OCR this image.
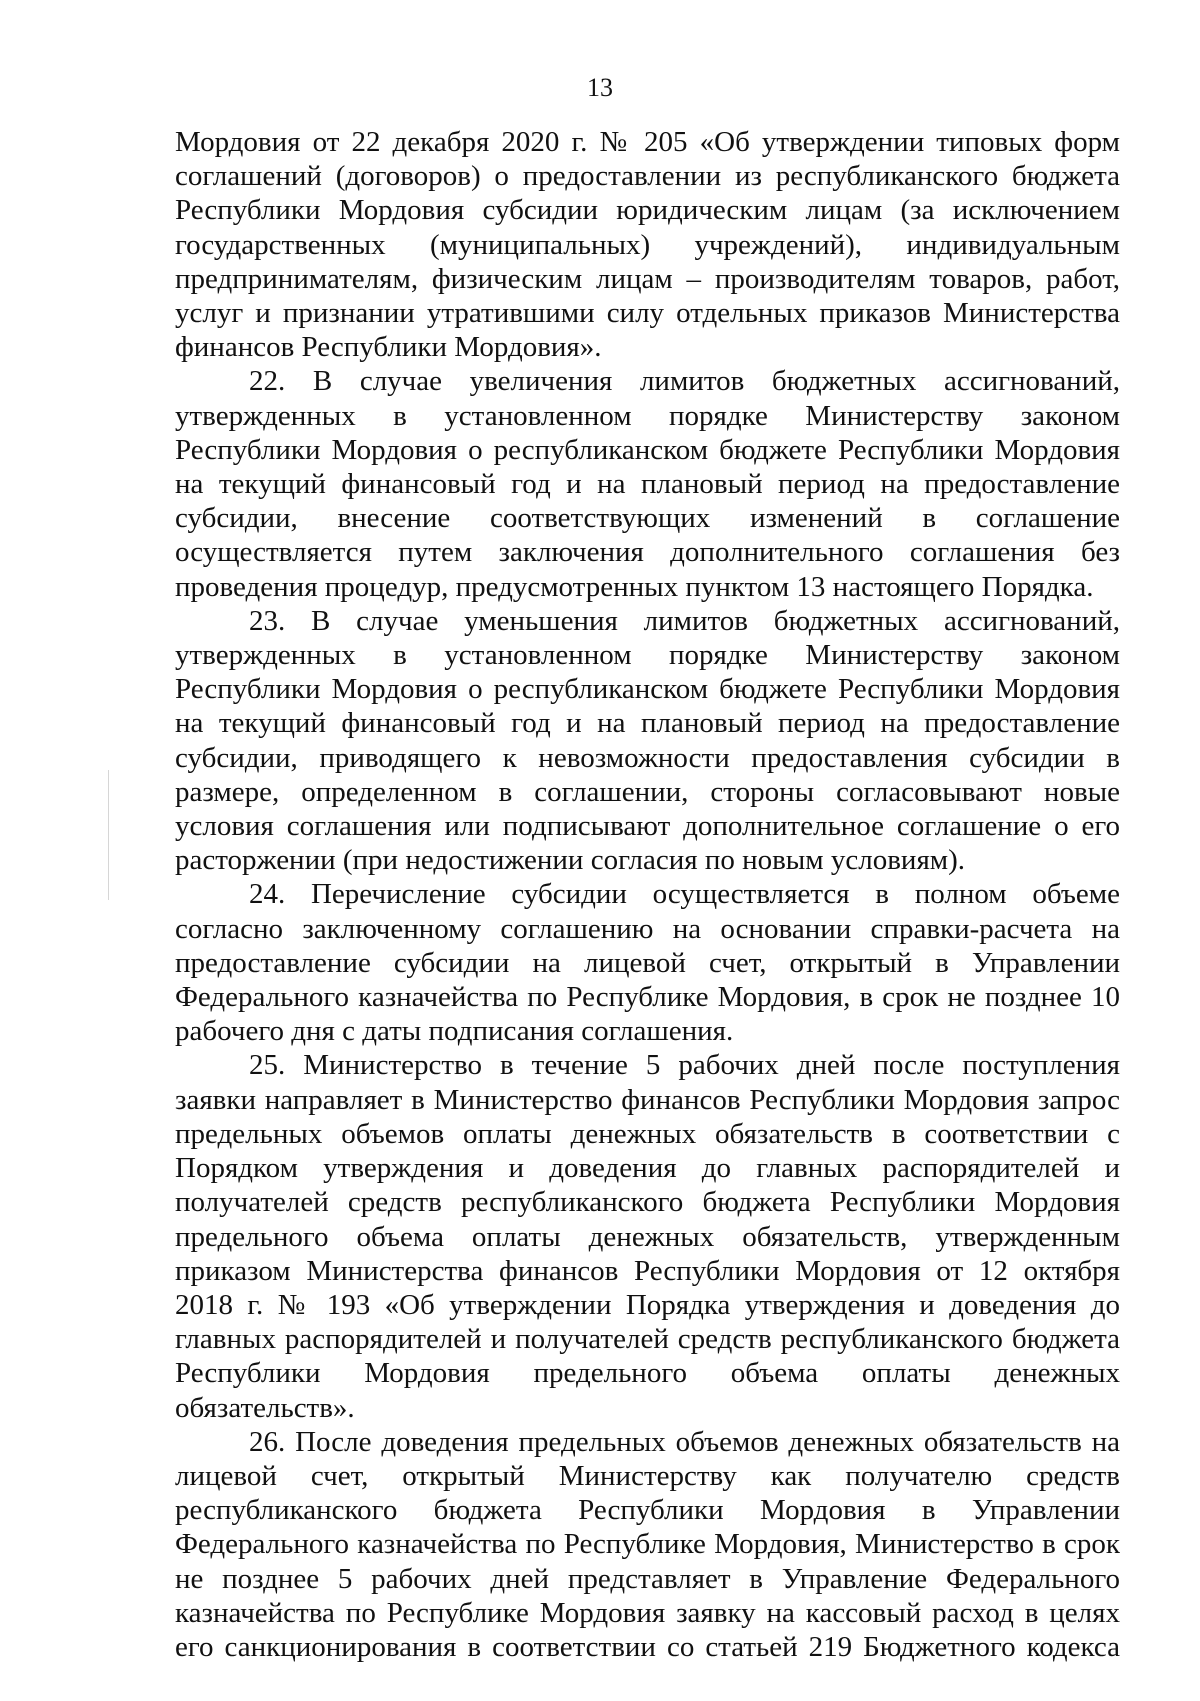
13

Мордовия от 22 декабря 2020 г. № 205 «Об утверждении типовых форм соглашений (договоров) о предоставлении из республиканского бюджета Республики Мордовия субсидии юридическим лицам (за исключением государственных (муниципальных) учреждений), индивидуальным предпринимателям, физическим лицам – производителям товаров, работ, услуг и признании утратившими силу отдельных приказов Министерства финансов Республики Мордовия».

22. В случае увеличения лимитов бюджетных ассигнований, утвержденных в установленном порядке Министерству законом Республики Мордовия о республиканском бюджете Республики Мордовия на текущий финансовый год и на плановый период на предоставление субсидии, внесение соответствующих изменений в соглашение осуществляется путем заключения дополнительного соглашения без проведения процедур, предусмотренных пунктом 13 настоящего Порядка.

23. В случае уменьшения лимитов бюджетных ассигнований, утвержденных в установленном порядке Министерству законом Республики Мордовия о республиканском бюджете Республики Мордовия на текущий финансовый год и на плановый период на предоставление субсидии, приводящего к невозможности предоставления субсидии в размере, определенном в соглашении, стороны согласовывают новые условия соглашения или подписывают дополнительное соглашение о его расторжении (при недостижении согласия по новым условиям).

24. Перечисление субсидии осуществляется в полном объеме согласно заключенному соглашению на основании справки-расчета на предоставление субсидии на лицевой счет, открытый в Управлении Федерального казначейства по Республике Мордовия, в срок не позднее 10 рабочего дня с даты подписания соглашения.

25. Министерство в течение 5 рабочих дней после поступления заявки направляет в Министерство финансов Республики Мордовия запрос предельных объемов оплаты денежных обязательств в соответствии с Порядком утверждения и доведения до главных распорядителей и получателей средств республиканского бюджета Республики Мордовия предельного объема оплаты денежных обязательств, утвержденным приказом Министерства финансов Республики Мордовия от 12 октября 2018 г. № 193 «Об утверждении Порядка утверждения и доведения до главных распорядителей и получателей средств республиканского бюджета Республики Мордовия предельного объема оплаты денежных обязательств».

26. После доведения предельных объемов денежных обязательств на лицевой счет, открытый Министерству как получателю средств республиканского бюджета Республики Мордовия в Управлении Федерального казначейства по Республике Мордовия, Министерство в срок не позднее 5 рабочих дней представляет в Управление Федерального казначейства по Республике Мордовия заявку на кассовый расход в целях его санкционирования в соответствии со статьей 219 Бюджетного кодекса
